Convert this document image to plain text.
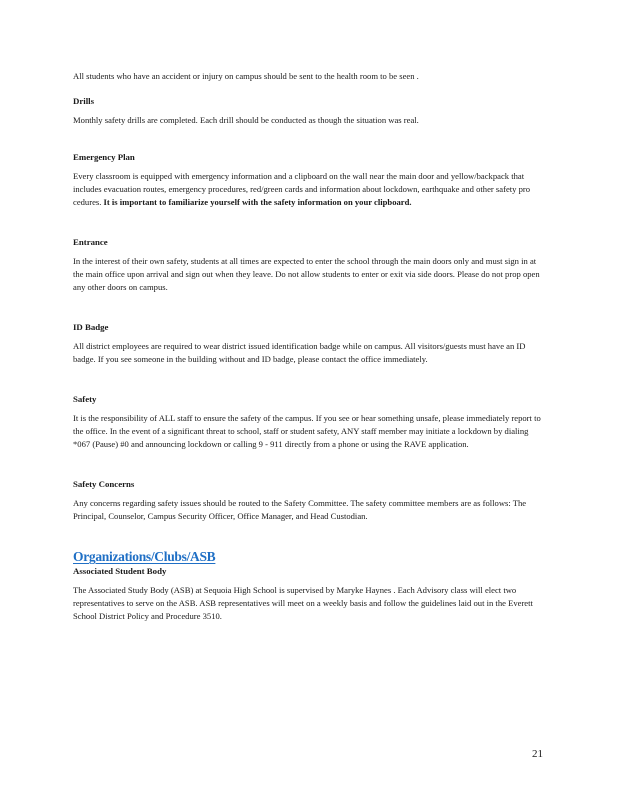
All students who have an accident or injury on campus should be sent to the health room to be seen .

Drills

Monthly safety drills are completed. Each drill should be conducted as though the situation was real.

Emergency Plan

Every classroom is equipped with emergency information and a clipboard on the wall near the main door and yellow/backpack that includes evacuation routes, emergency procedures, red/green cards and information about lockdown, earthquake and other safety pro cedures. It is important to familiarize yourself with the safety information on your clipboard.

Entrance

In the interest of their own safety, students at all times are expected to enter the school through the main doors only and must sign in at the main office upon arrival and sign out when they leave. Do not allow students to enter or exit via side doors. Please do not prop open any other doors on campus.

ID Badge

All district employees are required to wear district issued identification badge while on campus. All visitors/guests must have an ID badge. If you see someone in the building without and ID badge, please contact the office immediately.

Safety

It is the responsibility of ALL staff to ensure the safety of the campus. If you see or hear something unsafe, please immediately report to the office. In the event of a significant threat to school, staff or student safety, ANY staff member may initiate a lockdown by dialing *067 (Pause) #0 and announcing lockdown or calling 9 - 911 directly from a phone or using the RAVE application.

Safety Concerns

Any concerns regarding safety issues should be routed to the Safety Committee. The safety committee members are as follows: The Principal, Counselor, Campus Security Officer, Office Manager, and Head Custodian.

Organizations/Clubs/ASB

Associated Student Body

The Associated Study Body (ASB) at Sequoia High School is supervised by Maryke Haynes . Each Advisory class will elect two representatives to serve on the ASB. ASB representatives will meet on a weekly basis and follow the guidelines laid out in the Everett School District Policy and Procedure 3510.

21
